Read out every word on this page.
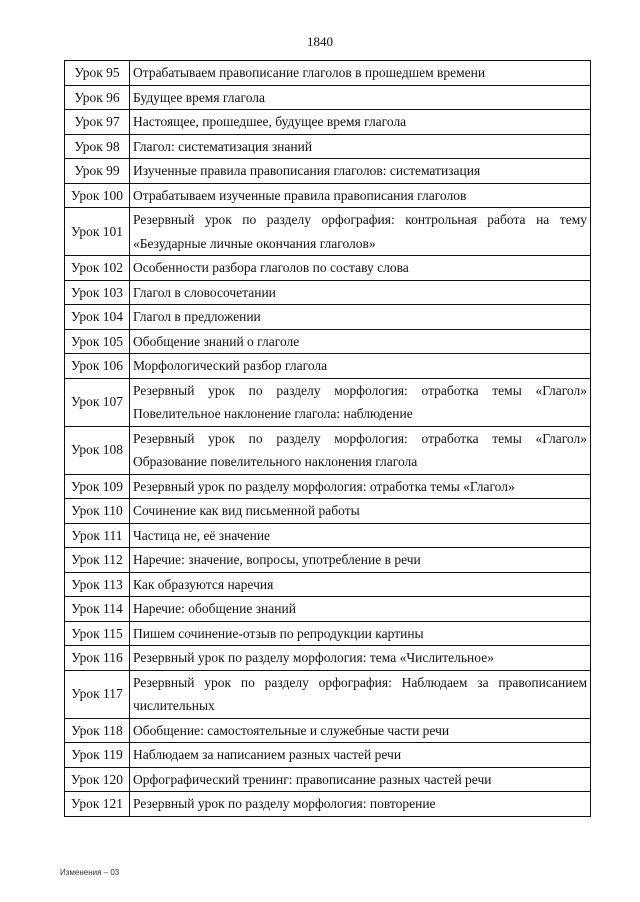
1840
Урок 95	Отрабатываем правописание глаголов в прошедшем времени
Урок 96	Будущее время глагола
Урок 97	Настоящее, прошедшее, будущее время глагола
Урок 98	Глагол: систематизация знаний
Урок 99	Изученные правила правописания глаголов: систематизация
Урок 100	Отрабатываем изученные правила правописания глаголов
Урок 101	Резервный урок по разделу орфография: контрольная работа на тему «Безударные личные окончания глаголов»
Урок 102	Особенности разбора глаголов по составу слова
Урок 103	Глагол в словосочетании
Урок 104	Глагол в предложении
Урок 105	Обобщение знаний о глаголе
Урок 106	Морфологический разбор глагола
Урок 107	Резервный урок по разделу морфология: отработка темы «Глагол» Повелительное наклонение глагола: наблюдение
Урок 108	Резервный урок по разделу морфология: отработка темы «Глагол» Образование повелительного наклонения глагола
Урок 109	Резервный урок по разделу морфология: отработка темы «Глагол»
Урок 110	Сочинение как вид письменной работы
Урок 111	Частица не, её значение
Урок 112	Наречие: значение, вопросы, употребление в речи
Урок 113	Как образуются наречия
Урок 114	Наречие: обобщение знаний
Урок 115	Пишем сочинение-отзыв по репродукции картины
Урок 116	Резервный урок по разделу морфология: тема «Числительное»
Урок 117	Резервный урок по разделу орфография: Наблюдаем за правописанием числительных
Урок 118	Обобщение: самостоятельные и служебные части речи
Урок 119	Наблюдаем за написанием разных частей речи
Урок 120	Орфографический тренинг: правописание разных частей речи
Урок 121	Резервный урок по разделу морфология: повторение
Изменения – 03
